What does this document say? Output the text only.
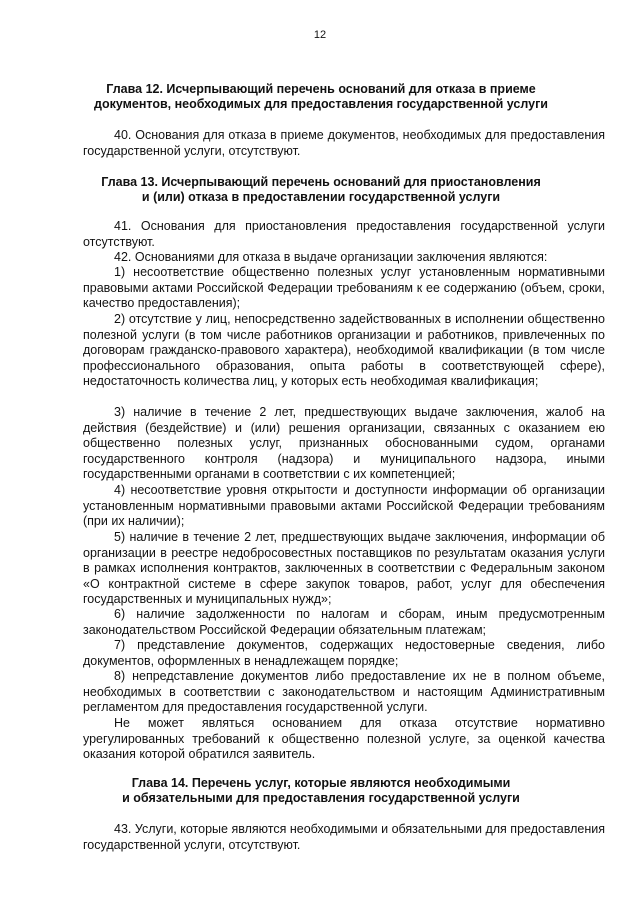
12
Глава 12. Исчерпывающий перечень оснований для отказа в приеме
документов, необходимых для предоставления государственной услуги

40. Основания для отказа в приеме документов, необходимых для предоставления государственной услуги, отсутствуют.

Глава 13. Исчерпывающий перечень оснований для приостановления
и (или) отказа в предоставлении государственной услуги

41. Основания для приостановления предоставления государственной услуги отсутствуют.

42. Основаниями для отказа в выдаче организации заключения являются:

1) несоответствие общественно полезных услуг установленным нормативными правовыми актами Российской Федерации требованиям к ее содержанию (объем, сроки, качество предоставления);

2) отсутствие у лиц, непосредственно задействованных в исполнении общественно полезной услуги (в том числе работников организации и работников, привлеченных по договорам гражданско-правового характера), необходимой квалификации (в том числе профессионального образования, опыта работы в соответствующей сфере), недостаточность количества лиц, у которых есть необходимая квалификация;

3) наличие в течение 2 лет, предшествующих выдаче заключения, жалоб на действия (бездействие) и (или) решения организации, связанных с оказанием ею общественно полезных услуг, признанных обоснованными судом, органами государственного контроля (надзора) и муниципального надзора, иными государственными органами в соответствии с их компетенцией;

4) несоответствие уровня открытости и доступности информации об организации установленным нормативными правовыми актами Российской Федерации требованиям (при их наличии);

5) наличие в течение 2 лет, предшествующих выдаче заключения, информации об организации в реестре недобросовестных поставщиков по результатам оказания услуги в рамках исполнения контрактов, заключенных в соответствии с Федеральным законом «О контрактной системе в сфере закупок товаров, работ, услуг для обеспечения государственных и муниципальных нужд»;

6) наличие задолженности по налогам и сборам, иным предусмотренным законодательством Российской Федерации обязательным платежам;

7) представление документов, содержащих недостоверные сведения, либо документов, оформленных в ненадлежащем порядке;

8) непредставление документов либо предоставление их не в полном объеме, необходимых в соответствии с законодательством и настоящим Административным регламентом для предоставления государственной услуги.

Не может являться основанием для отказа отсутствие нормативно урегулированных требований к общественно полезной услуге, за оценкой качества оказания которой обратился заявитель.

Глава 14. Перечень услуг, которые являются необходимыми
и обязательными для предоставления государственной услуги

43. Услуги, которые являются необходимыми и обязательными для предоставления государственной услуги, отсутствуют.
